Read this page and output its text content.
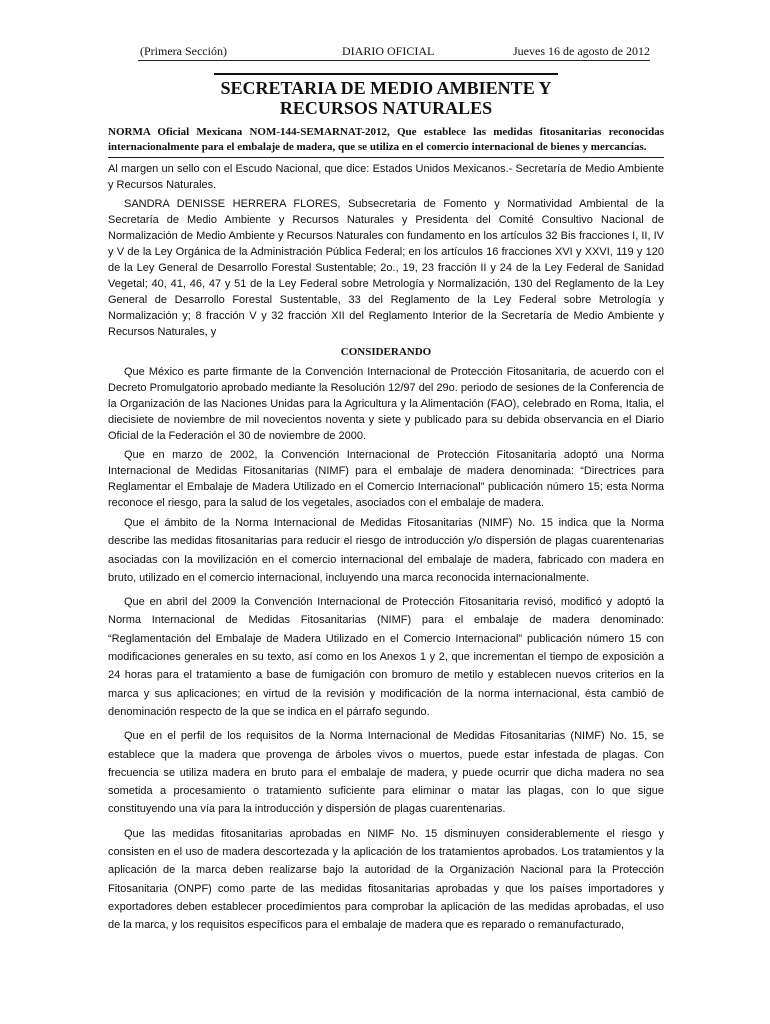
(Primera Sección)	DIARIO OFICIAL	Jueves 16 de agosto de 2012
SECRETARIA DE MEDIO AMBIENTE Y
RECURSOS NATURALES
NORMA Oficial Mexicana NOM-144-SEMARNAT-2012, Que establece las medidas fitosanitarias reconocidas internacionalmente para el embalaje de madera, que se utiliza en el comercio internacional de bienes y mercancías.

Al margen un sello con el Escudo Nacional, que dice: Estados Unidos Mexicanos.- Secretaría de Medio Ambiente y Recursos Naturales.

SANDRA DENISSE HERRERA FLORES, Subsecretaria de Fomento y Normatividad Ambiental de la Secretaría de Medio Ambiente y Recursos Naturales y Presidenta del Comité Consultivo Nacional de Normalización de Medio Ambiente y Recursos Naturales con fundamento en los artículos 32 Bis fracciones I, II, IV y V de la Ley Orgánica de la Administración Pública Federal; en los artículos 16 fracciones XVI y XXVI, 119 y 120 de la Ley General de Desarrollo Forestal Sustentable; 2o., 19, 23 fracción II y 24 de la Ley Federal de Sanidad Vegetal; 40, 41, 46, 47 y 51 de la Ley Federal sobre Metrología y Normalización, 130 del Reglamento de la Ley General de Desarrollo Forestal Sustentable, 33 del Reglamento de la Ley Federal sobre Metrología y Normalización y; 8 fracción V y 32 fracción XII del Reglamento Interior de la Secretaría de Medio Ambiente y Recursos Naturales, y

CONSIDERANDO

Que México es parte firmante de la Convención Internacional de Protección Fitosanitaria, de acuerdo con el Decreto Promulgatorio aprobado mediante la Resolución 12/97 del 29o. periodo de sesiones de la Conferencia de la Organización de las Naciones Unidas para la Agricultura y la Alimentación (FAO), celebrado en Roma, Italia, el diecisiete de noviembre de mil novecientos noventa y siete y publicado para su debida observancia en el Diario Oficial de la Federación el 30 de noviembre de 2000.

Que en marzo de 2002, la Convención Internacional de Protección Fitosanitaria adoptó una Norma Internacional de Medidas Fitosanitarias (NIMF) para el embalaje de madera denominada: “Directrices para Reglamentar el Embalaje de Madera Utilizado en el Comercio Internacional” publicación número 15; esta Norma reconoce el riesgo, para la salud de los vegetales, asociados con el embalaje de madera.

Que el ámbito de la Norma Internacional de Medidas Fitosanitarias (NIMF) No. 15 indica que la Norma describe las medidas fitosanitarias para reducir el riesgo de introducción y/o dispersión de plagas cuarentenarias asociadas con la movilización en el comercio internacional del embalaje de madera, fabricado con madera en bruto, utilizado en el comercio internacional, incluyendo una marca reconocida internacionalmente.

Que en abril del 2009 la Convención Internacional de Protección Fitosanitaria revisó, modificó y adoptó la Norma Internacional de Medidas Fitosanitarias (NIMF) para el embalaje de madera denominado: “Reglamentación del Embalaje de Madera Utilizado en el Comercio Internacional” publicación número 15 con modificaciones generales en su texto, así como en los Anexos 1 y 2, que incrementan el tiempo de exposición a 24 horas para el tratamiento a base de fumigación con bromuro de metilo y establecen nuevos criterios en la marca y sus aplicaciones; en virtud de la revisión y modificación de la norma internacional, ésta cambió de denominación respecto de la que se indica en el párrafo segundo.

Que en el perfil de los requisitos de la Norma Internacional de Medidas Fitosanitarias (NIMF) No. 15, se establece que la madera que provenga de árboles vivos o muertos, puede estar infestada de plagas. Con frecuencia se utiliza madera en bruto para el embalaje de madera, y puede ocurrir que dicha madera no sea sometida a procesamiento o tratamiento suficiente para eliminar o matar las plagas, con lo que sigue constituyendo una vía para la introducción y dispersión de plagas cuarentenarias.

Que las medidas fitosanitarias aprobadas en NIMF No. 15 disminuyen considerablemente el riesgo y consisten en el uso de madera descortezada y la aplicación de los tratamientos aprobados. Los tratamientos y la aplicación de la marca deben realizarse bajo la autoridad de la Organización Nacional para la Protección Fitosanitaria (ONPF) como parte de las medidas fitosanitarias aprobadas y que los países importadores y exportadores deben establecer procedimientos para comprobar la aplicación de las medidas aprobadas, el uso de la marca, y los requisitos específicos para el embalaje de madera que es reparado o remanufacturado,
